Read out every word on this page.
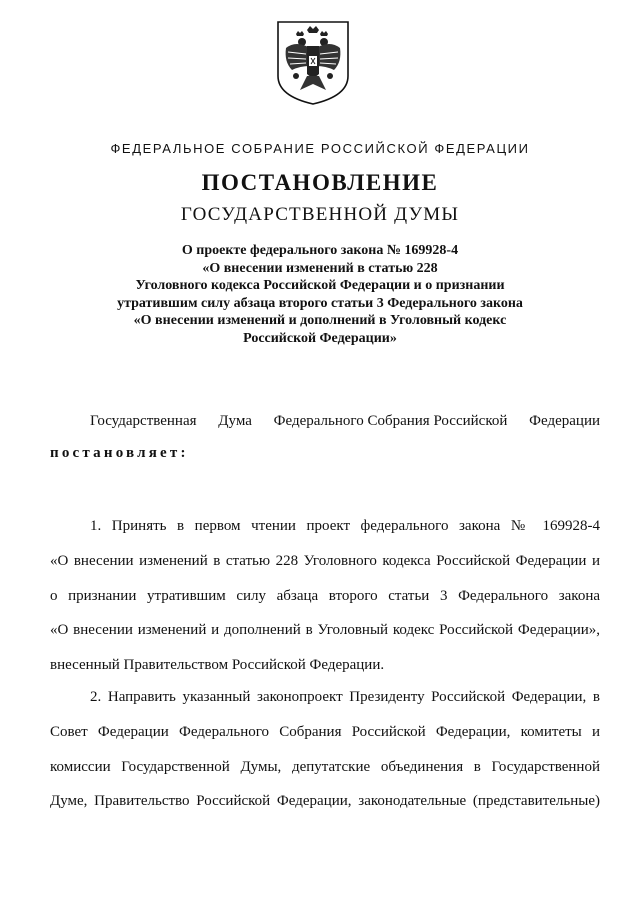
ФЕДЕРАЛЬНОЕ СОБРАНИЕ РОССИЙСКОЙ ФЕДЕРАЦИИ
ПОСТАНОВЛЕНИЕ
ГОСУДАРСТВЕННОЙ ДУМЫ
О проекте федерального закона № 169928-4
«О внесении изменений в статью 228
Уголовного кодекса Российской Федерации и о признании
утратившим силу абзаца второго статьи 3 Федерального закона
«О внесении изменений и дополнений в Уголовный кодекс
Российской Федерации»
Государственная Дума Федерального Собрания Российской Федерации
постановляет:
1. Принять в первом чтении проект федерального закона № 169928-4
«О внесении изменений в статью 228 Уголовного кодекса Российской Федерации и
о признании утратившим силу абзаца второго статьи 3 Федерального закона
«О внесении изменений и дополнений в Уголовный кодекс Российской Федерации»,
внесенный Правительством Российской Федерации.
2. Направить указанный законопроект Президенту Российской Федерации, в
Совет Федерации Федерального Собрания Российской Федерации, комитеты и
комиссии Государственной Думы, депутатские объединения в Государственной
Думе, Правительство Российской Федерации, законодательные (представительные)
